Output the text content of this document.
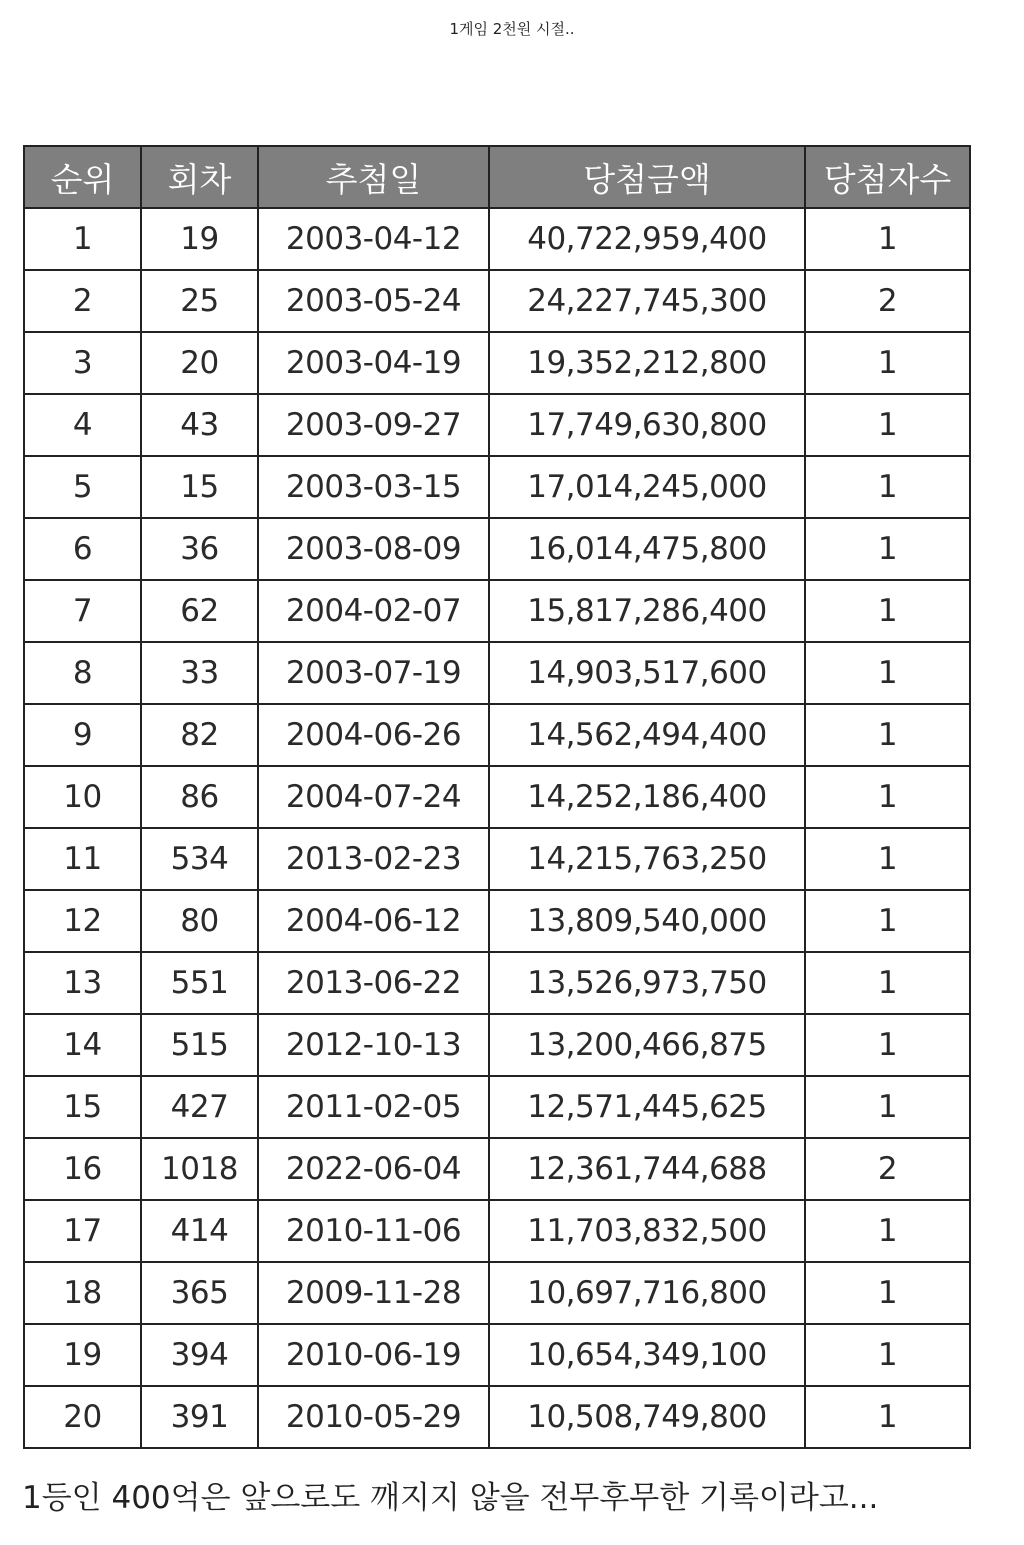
1게임 2천원 시절..
순위	회차	추첨일	당첨금액	당첨자수
1	19	2003-04-12	40,722,959,400	1
2	25	2003-05-24	24,227,745,300	2
3	20	2003-04-19	19,352,212,800	1
4	43	2003-09-27	17,749,630,800	1
5	15	2003-03-15	17,014,245,000	1
6	36	2003-08-09	16,014,475,800	1
7	62	2004-02-07	15,817,286,400	1
8	33	2003-07-19	14,903,517,600	1
9	82	2004-06-26	14,562,494,400	1
10	86	2004-07-24	14,252,186,400	1
11	534	2013-02-23	14,215,763,250	1
12	80	2004-06-12	13,809,540,000	1
13	551	2013-06-22	13,526,973,750	1
14	515	2012-10-13	13,200,466,875	1
15	427	2011-02-05	12,571,445,625	1
16	1018	2022-06-04	12,361,744,688	2
17	414	2010-11-06	11,703,832,500	1
18	365	2009-11-28	10,697,716,800	1
19	394	2010-06-19	10,654,349,100	1
20	391	2010-05-29	10,508,749,800	1
1등인 400억은 앞으로도 깨지지 않을 전무후무한 기록이라고...
